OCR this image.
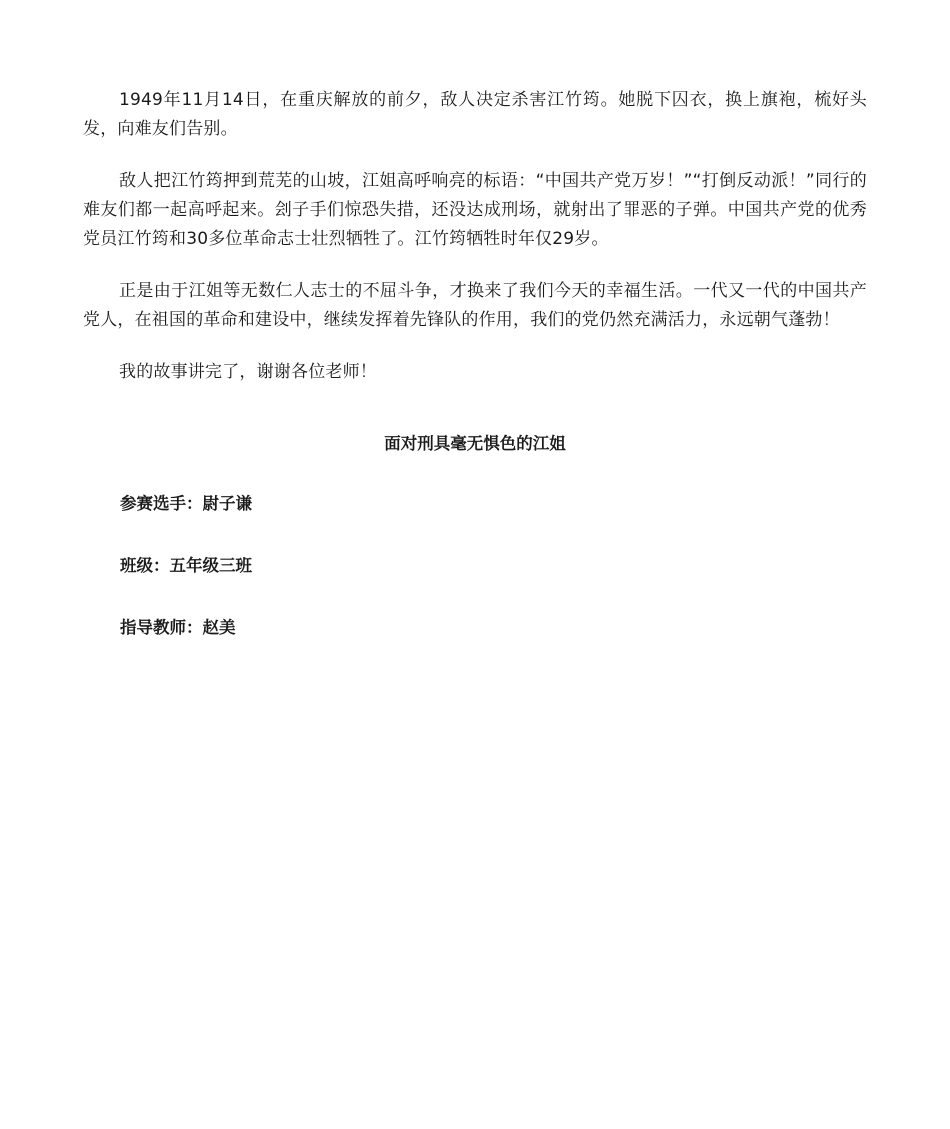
1949年11月14日，在重庆解放的前夕，敌人决定杀害江竹筠。她脱下囚衣，换上旗袍，梳好头发，向难友们告别。

敌人把江竹筠押到荒芜的山坡，江姐高呼响亮的标语：“中国共产党万岁！”“打倒反动派！”同行的难友们都一起高呼起来。刽子手们惊恐失措，还没达成刑场，就射出了罪恶的子弹。中国共产党的优秀党员江竹筠和30多位革命志士壮烈牺牲了。江竹筠牺牲时年仅29岁。

正是由于江姐等无数仁人志士的不屈斗争，才换来了我们今天的幸福生活。一代又一代的中国共产党人，在祖国的革命和建设中，继续发挥着先锋队的作用，我们的党仍然充满活力，永远朝气蓬勃！

我的故事讲完了，谢谢各位老师！

面对刑具毫无惧色的江姐
参赛选手：尉子谦
班级：五年级三班
指导教师：赵美
